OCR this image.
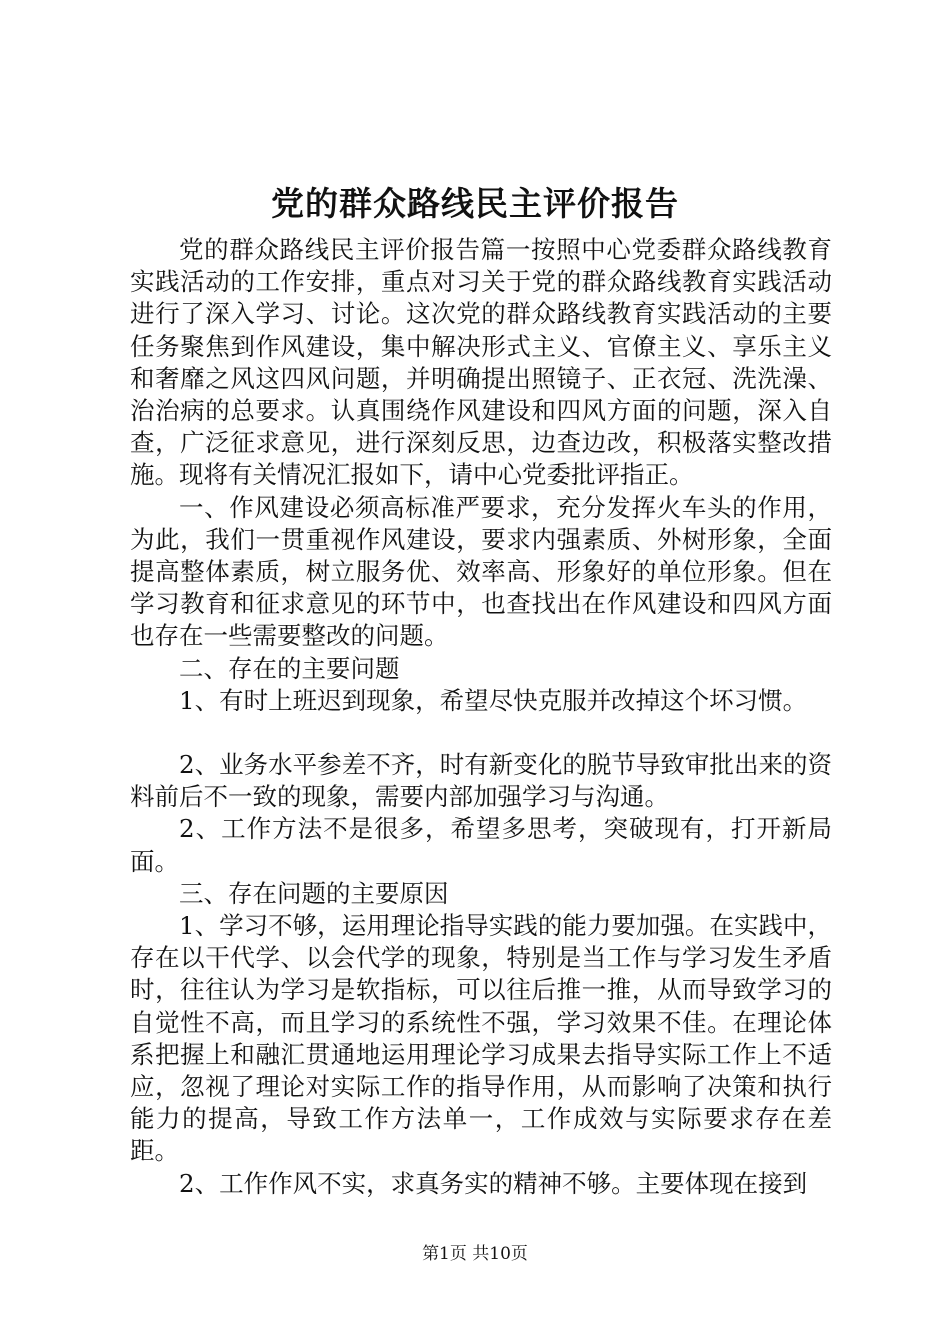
党的群众路线民主评价报告

党的群众路线民主评价报告篇一按照中心党委群众路线教育实践活动的工作安排，重点对习关于党的群众路线教育实践活动进行了深入学习、讨论。这次党的群众路线教育实践活动的主要任务聚焦到作风建设，集中解决形式主义、官僚主义、享乐主义和奢靡之风这四风问题，并明确提出照镜子、正衣冠、洗洗澡、治治病的总要求。认真围绕作风建设和四风方面的问题，深入自查，广泛征求意见，进行深刻反思，边查边改，积极落实整改措施。现将有关情况汇报如下，请中心党委批评指正。

一、作风建设必须高标准严要求，充分发挥火车头的作用，为此，我们一贯重视作风建设，要求内强素质、外树形象，全面提高整体素质，树立服务优、效率高、形象好的单位形象。但在学习教育和征求意见的环节中，也查找出在作风建设和四风方面也存在一些需要整改的问题。

二、存在的主要问题

1、有时上班迟到现象，希望尽快克服并改掉这个坏习惯。

2、业务水平参差不齐，时有新变化的脱节导致审批出来的资料前后不一致的现象，需要内部加强学习与沟通。

2、工作方法不是很多，希望多思考，突破现有，打开新局面。

三、存在问题的主要原因

1、学习不够，运用理论指导实践的能力要加强。在实践中，存在以干代学、以会代学的现象，特别是当工作与学习发生矛盾时，往往认为学习是软指标，可以往后推一推，从而导致学习的自觉性不高，而且学习的系统性不强，学习效果不佳。在理论体系把握上和融汇贯通地运用理论学习成果去指导实际工作上不适应，忽视了理论对实际工作的指导作用，从而影响了决策和执行能力的提高，导致工作方法单一，工作成效与实际要求存在差距。

2、工作作风不实，求真务实的精神不够。主要体现在接到

第1页 共10页
